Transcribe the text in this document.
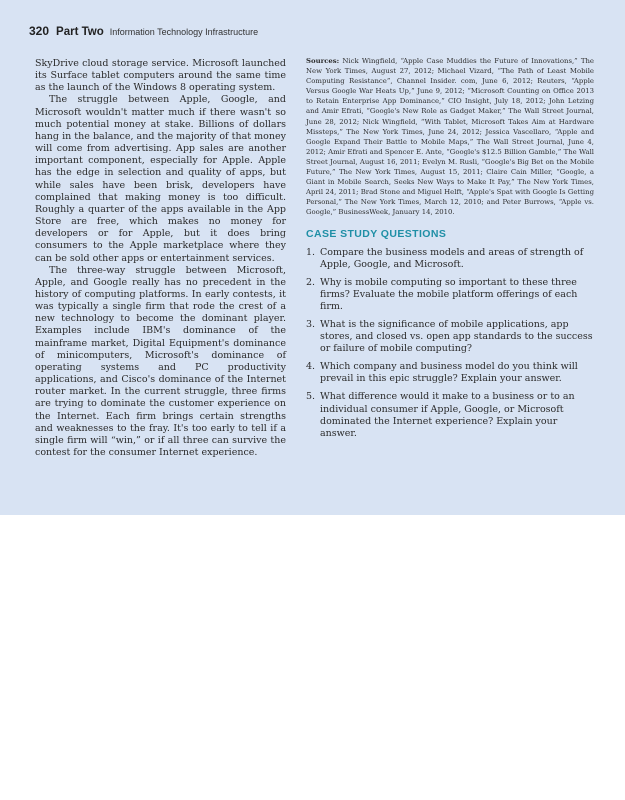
320 Part Two Information Technology Infrastructure

SkyDrive cloud storage service. Microsoft launched its Surface tablet computers around the same time as the launch of the Windows 8 operating system.

The struggle between Apple, Google, and Microsoft wouldn't matter much if there wasn't so much potential money at stake. Billions of dollars hang in the balance, and the majority of that money will come from advertising. App sales are another important component, especially for Apple. Apple has the edge in selection and quality of apps, but while sales have been brisk, developers have complained that making money is too difficult. Roughly a quarter of the apps available in the App Store are free, which makes no money for developers or for Apple, but it does bring consumers to the Apple marketplace where they can be sold other apps or entertainment services.

The three-way struggle between Microsoft, Apple, and Google really has no precedent in the history of computing platforms. In early contests, it was typically a single firm that rode the crest of a new technology to become the dominant player. Examples include IBM's dominance of the mainframe market, Digital Equipment's dominance of minicomputers, Microsoft's dominance of operating systems and PC productivity applications, and Cisco's dominance of the Internet router market. In the current struggle, three firms are trying to dominate the customer experience on the Internet. Each firm brings certain strengths and weaknesses to the fray. It's too early to tell if a single firm will “win,” or if all three can survive the contest for the consumer Internet experience.

Sources: Nick Wingfield, “Apple Case Muddies the Future of Innovations,” The New York Times, August 27, 2012; Michael Vizard, “The Path of Least Mobile Computing Resistance”, Channel Insider. com, June 6, 2012; Reuters, “Apple Versus Google War Heats Up,” June 9, 2012; “Microsoft Counting on Office 2013 to Retain Enterprise App Dominance,” CIO Insight, July 18, 2012; John Letzing and Amir Efrati, “Google's New Role as Gadget Maker,” The Wall Street Journal, June 28, 2012; Nick Wingfield, “With Tablet, Microsoft Takes Aim at Hardware Missteps,” The New York Times, June 24, 2012; Jessica Vascellaro, “Apple and Google Expand Their Battle to Mobile Maps,” The Wall Street Journal, June 4, 2012; Amir Efrati and Spencer E. Ante, “Google's $12.5 Billion Gamble,” The Wall Street Journal, August 16, 2011; Evelyn M. Rusli, “Google's Big Bet on the Mobile Future,” The New York Times, August 15, 2011; Claire Cain Miller, “Google, a Giant in Mobile Search, Seeks New Ways to Make It Pay,” The New York Times, April 24, 2011; Brad Stone and Miguel Helft, “Apple's Spat with Google Is Getting Personal,” The New York Times, March 12, 2010; and Peter Burrows, “Apple vs. Google,” BusinessWeek, January 14, 2010.

CASE STUDY QUESTIONS
1. Compare the business models and areas of strength of Apple, Google, and Microsoft.
2. Why is mobile computing so important to these three firms? Evaluate the mobile platform offerings of each firm.
3. What is the significance of mobile applications, app stores, and closed vs. open app standards to the success or failure of mobile computing?
4. Which company and business model do you think will prevail in this epic struggle? Explain your answer.
5. What difference would it make to a business or to an individual consumer if Apple, Google, or Microsoft dominated the Internet experience? Explain your answer.
